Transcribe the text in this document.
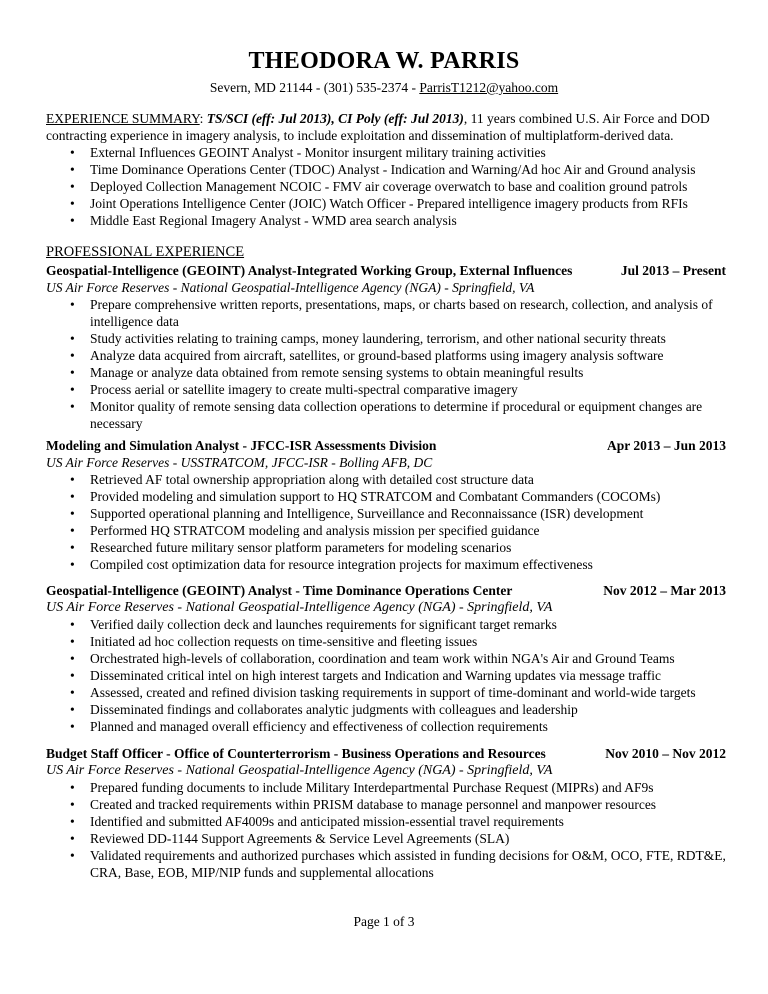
THEODORA W. PARRIS
Severn, MD 21144 - (301) 535-2374 - ParrisT1212@yahoo.com
EXPERIENCE SUMMARY: TS/SCI (eff: Jul 2013), CI Poly (eff: Jul 2013), 11 years combined U.S. Air Force and DOD contracting experience in imagery analysis, to include exploitation and dissemination of multiplatform-derived data.
• External Influences GEOINT Analyst - Monitor insurgent military training activities
• Time Dominance Operations Center (TDOC) Analyst - Indication and Warning/Ad hoc Air and Ground analysis
• Deployed Collection Management NCOIC - FMV air coverage overwatch to base and coalition ground patrols
• Joint Operations Intelligence Center (JOIC) Watch Officer - Prepared intelligence imagery products from RFIs
• Middle East Regional Imagery Analyst - WMD area search analysis
PROFESSIONAL EXPERIENCE
Geospatial-Intelligence (GEOINT) Analyst-Integrated Working Group, External Influences	Jul 2013 – Present
US Air Force Reserves - National Geospatial-Intelligence Agency (NGA) - Springfield, VA
• Prepare comprehensive written reports, presentations, maps, or charts based on research, collection, and analysis of intelligence data
• Study activities relating to training camps, money laundering, terrorism, and other national security threats
• Analyze data acquired from aircraft, satellites, or ground-based platforms using imagery analysis software
• Manage or analyze data obtained from remote sensing systems to obtain meaningful results
• Process aerial or satellite imagery to create multi-spectral comparative imagery
• Monitor quality of remote sensing data collection operations to determine if procedural or equipment changes are necessary
Modeling and Simulation Analyst - JFCC-ISR Assessments Division	Apr 2013 – Jun 2013
US Air Force Reserves - USSTRATCOM, JFCC-ISR - Bolling AFB, DC
• Retrieved AF total ownership appropriation along with detailed cost structure data
• Provided modeling and simulation support to HQ STRATCOM and Combatant Commanders (COCOMs)
• Supported operational planning and Intelligence, Surveillance and Reconnaissance (ISR) development
• Performed HQ STRATCOM modeling and analysis mission per specified guidance
• Researched future military sensor platform parameters for modeling scenarios
• Compiled cost optimization data for resource integration projects for maximum effectiveness
Geospatial-Intelligence (GEOINT) Analyst - Time Dominance Operations Center	Nov 2012 – Mar 2013
US Air Force Reserves - National Geospatial-Intelligence Agency (NGA) - Springfield, VA
• Verified daily collection deck and launches requirements for significant target remarks
• Initiated ad hoc collection requests on time-sensitive and fleeting issues
• Orchestrated high-levels of collaboration, coordination and team work within NGA's Air and Ground Teams
• Disseminated critical intel on high interest targets and Indication and Warning updates via message traffic
• Assessed, created and refined division tasking requirements in support of time-dominant and world-wide targets
• Disseminated findings and collaborates analytic judgments with colleagues and leadership
• Planned and managed overall efficiency and effectiveness of collection requirements
Budget Staff Officer - Office of Counterterrorism - Business Operations and Resources	Nov 2010 – Nov 2012
US Air Force Reserves - National Geospatial-Intelligence Agency (NGA) - Springfield, VA
• Prepared funding documents to include Military Interdepartmental Purchase Request (MIPRs) and AF9s
• Created and tracked requirements within PRISM database to manage personnel and manpower resources
• Identified and submitted AF4009s and anticipated mission-essential travel requirements
• Reviewed DD-1144 Support Agreements & Service Level Agreements (SLA)
• Validated requirements and authorized purchases which assisted in funding decisions for O&M, OCO, FTE, RDT&E, CRA, Base, EOB, MIP/NIP funds and supplemental allocations
Page 1 of 3
